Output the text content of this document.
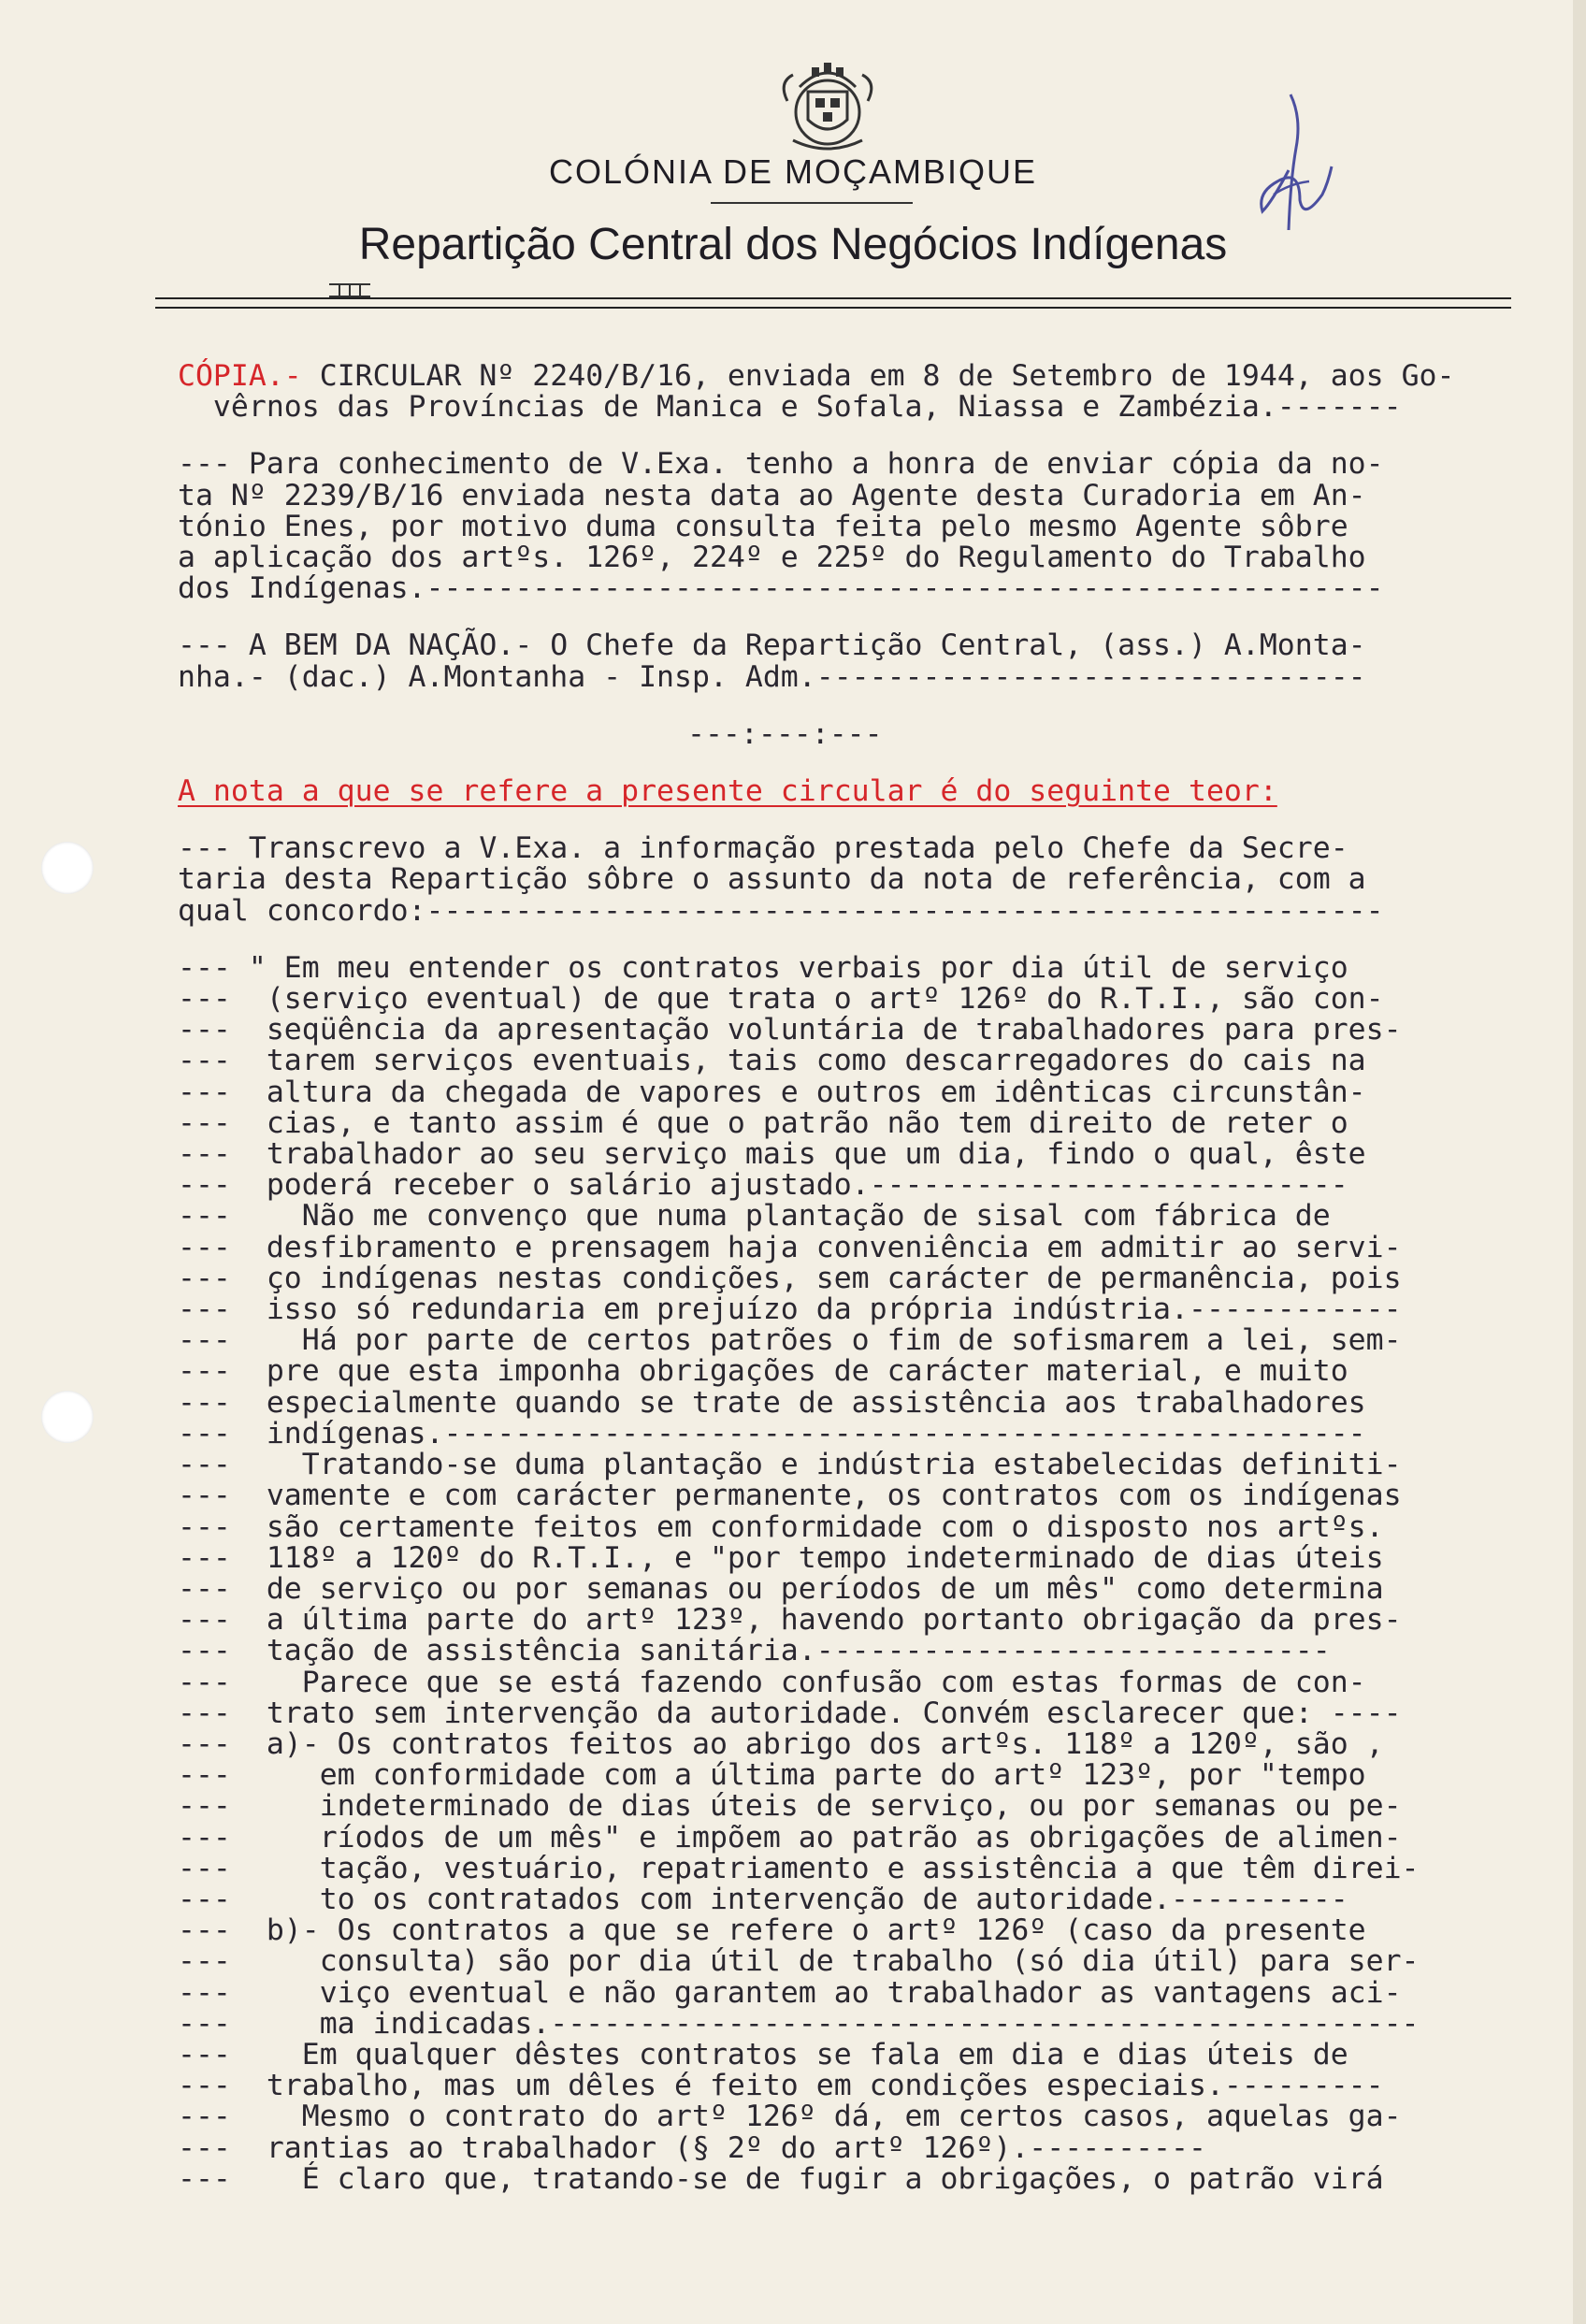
COLÓNIA DE MOÇAMBIQUE
Repartição Central dos Negócios Indígenas
CÓPIA.- CIRCULAR Nº 2240/B/16, enviada em 8 de Setembro de 1944, aos Go-
vêrnos das Províncias de Manica e Sofala, Niassa e Zambézia.-------
--- Para conhecimento de V.Exa. tenho a honra de enviar cópia da no-
ta Nº 2239/B/16 enviada nesta data ao Agente desta Curadoria em An-
tónio Enes, por motivo duma consulta feita pelo mesmo Agente sôbre
a aplicação dos artºs. 126º, 224º e 225º do Regulamento do Trabalho
dos Indígenas.------------------------------------------------------
--- A BEM DA NAÇÃO.- O Chefe da Repartição Central, (ass.) A.Monta-
nha.- (dac.) A.Montanha - Insp. Adm.-------------------------------
---:---:---
A nota a que se refere a presente circular é do seguinte teor:
--- Transcrevo a V.Exa. a informação prestada pelo Chefe da Secre-
taria desta Repartição sôbre o assunto da nota de referência, com a
qual concordo:------------------------------------------------------
--- " Em meu entender os contratos verbais por dia útil de serviço
---  (serviço eventual) de que trata o artº 126º do R.T.I., são con-
---  seqüência da apresentação voluntária de trabalhadores para pres-
---  tarem serviços eventuais, tais como descarregadores do cais na
---  altura da chegada de vapores e outros em idênticas circunstân-
---  cias, e tanto assim é que o patrão não tem direito de reter o
---  trabalhador ao seu serviço mais que um dia, findo o qual, êste
---  poderá receber o salário ajustado.---------------------------
---    Não me convenço que numa plantação de sisal com fábrica de
---  desfibramento e prensagem haja conveniência em admitir ao servi-
---  ço indígenas nestas condições, sem carácter de permanência, pois
---  isso só redundaria em prejuízo da própria indústria.------------
---    Há por parte de certos patrões o fim de sofismarem a lei, sem-
---  pre que esta imponha obrigações de carácter material, e muito
---  especialmente quando se trate de assistência aos trabalhadores
---  indígenas.----------------------------------------------------
---    Tratando-se duma plantação e indústria estabelecidas definiti-
---  vamente e com carácter permanente, os contratos com os indígenas
---  são certamente feitos em conformidade com o disposto nos artºs.
---  118º a 120º do R.T.I., e "por tempo indeterminado de dias úteis
---  de serviço ou por semanas ou períodos de um mês" como determina
---  a última parte do artº 123º, havendo portanto obrigação da pres-
---  tação de assistência sanitária.-----------------------------
---    Parece que se está fazendo confusão com estas formas de con-
---  trato sem intervenção da autoridade. Convém esclarecer que: ----
---  a)- Os contratos feitos ao abrigo dos artºs. 118º a 120º, são ,
---     em conformidade com a última parte do artº 123º, por "tempo
---     indeterminado de dias úteis de serviço, ou por semanas ou pe-
---     ríodos de um mês" e impõem ao patrão as obrigações de alimen-
---     tação, vestuário, repatriamento e assistência a que têm direi-
---     to os contratados com intervenção de autoridade.----------
---  b)- Os contratos a que se refere o artº 126º (caso da presente
---     consulta) são por dia útil de trabalho (só dia útil) para ser-
---     viço eventual e não garantem ao trabalhador as vantagens aci-
---     ma indicadas.-------------------------------------------------
---    Em qualquer dêstes contratos se fala em dia e dias úteis de
---  trabalho, mas um dêles é feito em condições especiais.---------
---    Mesmo o contrato do artº 126º dá, em certos casos, aquelas ga-
---  rantias ao trabalhador (§ 2º do artº 126º).----------
---    É claro que, tratando-se de fugir a obrigações, o patrão virá
